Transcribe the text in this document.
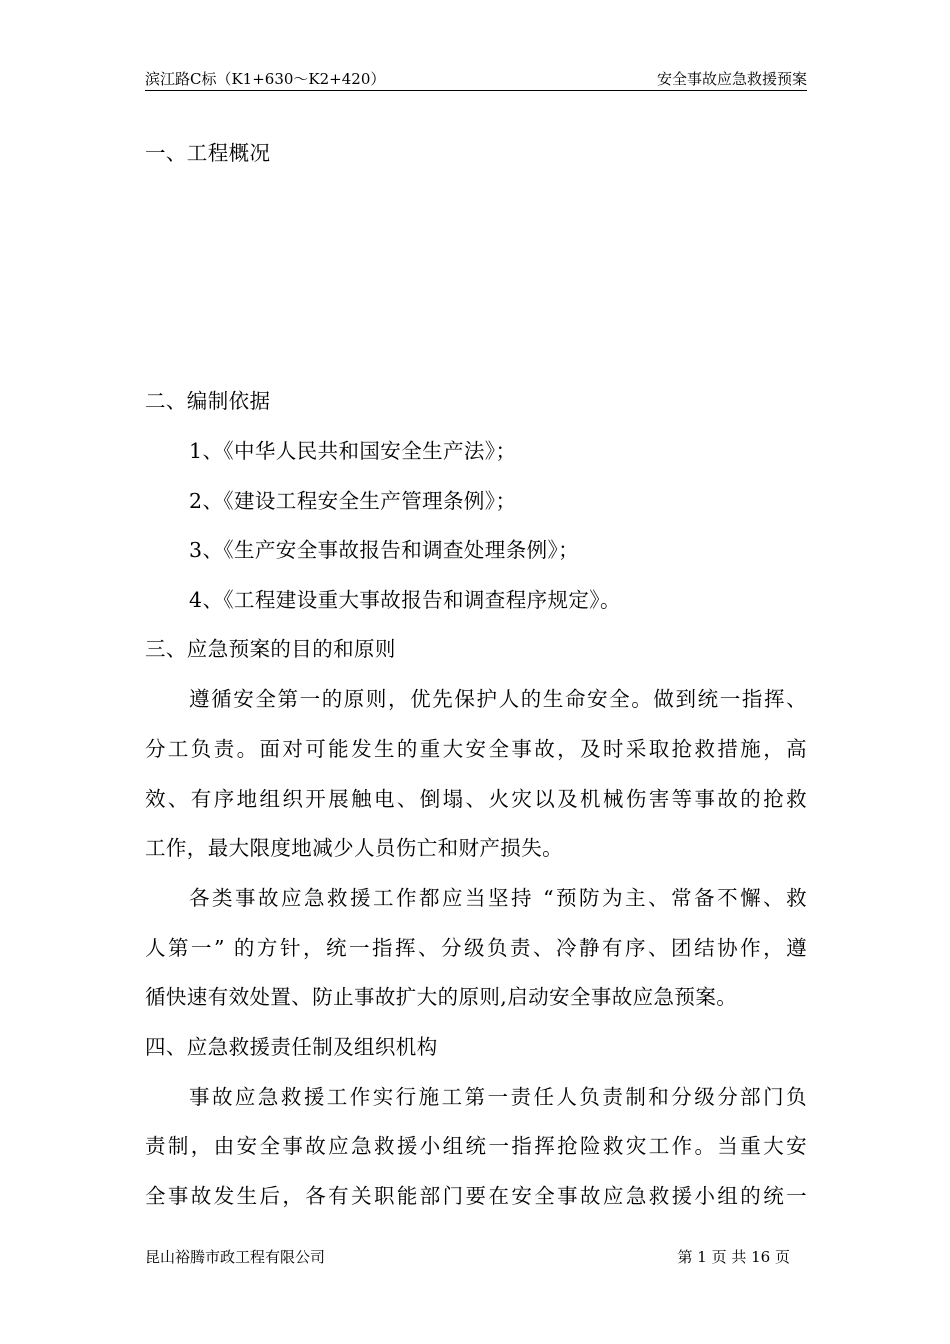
滨江路C标（K1+630～K2+420）	安全事故应急救援预案
一、工程概况
二、编制依据
1、《中华人民共和国安全生产法》；
2、《建设工程安全生产管理条例》；
3、《生产安全事故报告和调查处理条例》；
4、《工程建设重大事故报告和调查程序规定》。
三、应急预案的目的和原则
遵循安全第一的原则，优先保护人的生命安全。做到统一指挥、
分工负责。面对可能发生的重大安全事故，及时采取抢救措施，高
效、有序地组织开展触电、倒塌、火灾以及机械伤害等事故的抢救
工作，最大限度地减少人员伤亡和财产损失。
各类事故应急救援工作都应当坚持 “预防为主、常备不懈、救
人第一” 的方针，统一指挥、分级负责、冷静有序、团结协作，遵
循快速有效处置、防止事故扩大的原则,启动安全事故应急预案。
四、应急救援责任制及组织机构
事故应急救援工作实行施工第一责任人负责制和分级分部门负
责制，由安全事故应急救援小组统一指挥抢险救灾工作。当重大安
全事故发生后，各有关职能部门要在安全事故应急救援小组的统一
昆山裕腾市政工程有限公司	第 1 页 共 16 页
